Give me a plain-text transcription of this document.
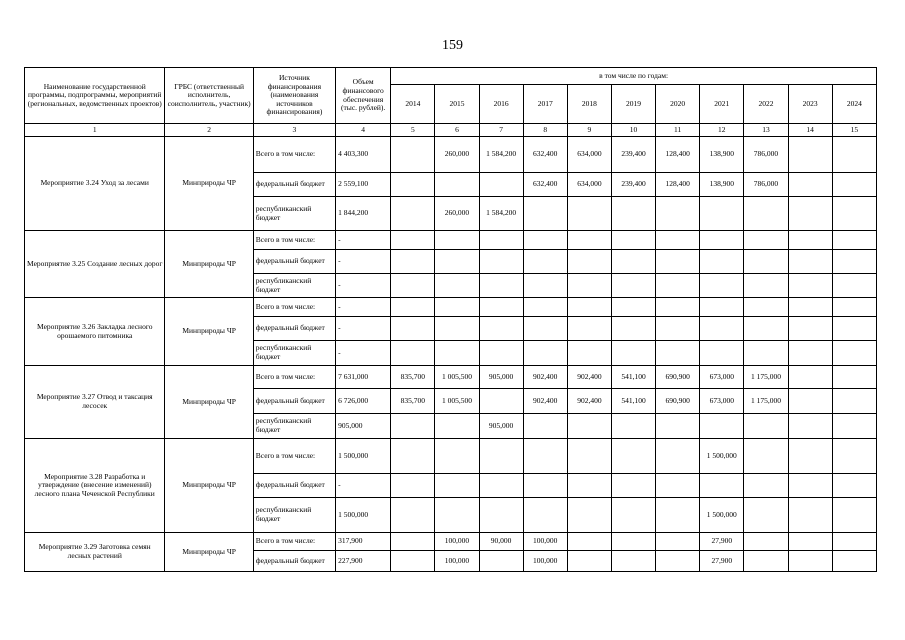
159
Наименование государственной программы, подпрограммы, мероприятий (региональных, ведомственных проектов)	ГРБС (ответственный исполнитель, соисполнитель, участник)	Источник финансирования (наименования источников финансирования)	Объем финансового обеспечения (тыс. рублей).	в том числе по годам:										
				2014	2015	2016	2017	2018	2019	2020	2021	2022	2023	2024
1	2	3	4	5	6	7	8	9	10	11	12	13	14	15
Мероприятие 3.24 Уход за лесами	Минприроды ЧР	Всего в том числе:	4 403,300		260,000	1 584,200	632,400	634,000	239,400	128,400	138,900	786,000		
		федеральный бюджет	2 559,100				632,400	634,000	239,400	128,400	138,900	786,000		
		республиканский бюджет	1 844,200		260,000	1 584,200								
Мероприятие 3.25 Создание лесных дорог	Минприроды ЧР	Всего в том числе:	-											
		федеральный бюджет	-											
		республиканский бюджет	-											
Мероприятие 3.26 Закладка лесного орошаемого питомника	Минприроды ЧР	Всего в том числе:	-											
		федеральный бюджет	-											
		республиканский бюджет	-											
Мероприятие 3.27 Отвод и таксация лесосек	Минприроды ЧР	Всего в том числе:	7 631,000	835,700	1 005,500	905,000	902,400	902,400	541,100	690,900	673,000	1 175,000		
		федеральный бюджет	6 726,000	835,700	1 005,500		902,400	902,400	541,100	690,900	673,000	1 175,000		
		республиканский бюджет	905,000			905,000								
Мероприятие 3.28 Разработка и утверждение (внесение изменений) лесного плана Чеченской Республики	Минприроды ЧР	Всего в том числе:	1 500,000								1 500,000			
		федеральный бюджет	-											
		республиканский бюджет	1 500,000								1 500,000			
Мероприятие 3.29 Заготовка семян лесных растений	Минприроды ЧР	Всего в том числе:	317,900		100,000	90,000	100,000				27,900			
		федеральный бюджет	227,900		100,000		100,000				27,900			
